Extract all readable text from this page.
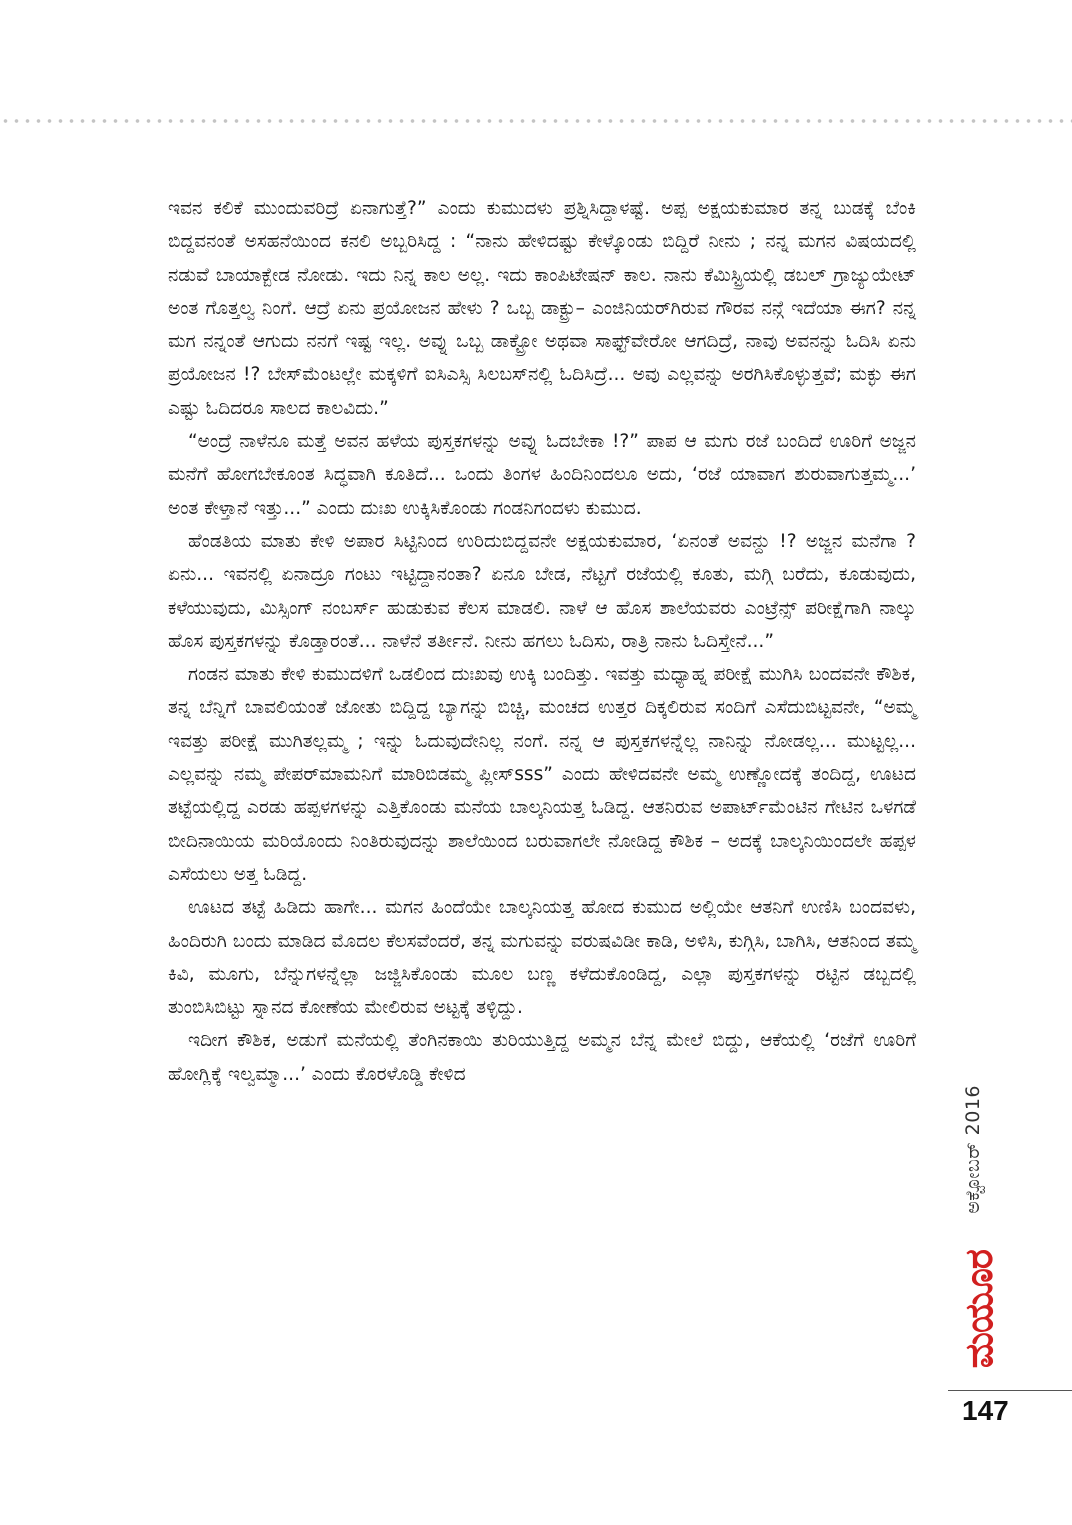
ಇವನ ಕಲಿಕೆ ಮುಂದುವರಿದ್ರೆ ಏನಾಗುತ್ತೆ?” ಎಂದು ಕುಮುದಳು ಪ್ರಶ್ನಿಸಿದ್ದಾಳಷ್ಟೆ. ಅಪ್ಪ ಅಕ್ಷಯಕುಮಾರ ತನ್ನ ಬುಡಕ್ಕೆ ಬೆಂಕಿ ಬಿದ್ದವನಂತೆ ಅಸಹನೆಯಿಂದ ಕನಲಿ ಅಬ್ಬರಿಸಿದ್ದ : “ನಾನು ಹೇಳಿದಷ್ಟು ಕೇಳ್ಕೊಂಡು ಬಿದ್ದಿರೆ ನೀನು ; ನನ್ನ ಮಗನ ವಿಷಯದಲ್ಲಿ ನಡುವೆ ಬಾಯಾಕ್ಬೇಡ ನೋಡು. ಇದು ನಿನ್ನ ಕಾಲ ಅಲ್ಲ. ಇದು ಕಾಂಪಿಟೇಷನ್ ಕಾಲ. ನಾನು ಕೆಮಿಸ್ಟ್ರಿಯಲ್ಲಿ ಡಬಲ್ ಗ್ರಾಜ್ಯುಯೇಟ್ ಅಂತ ಗೊತ್ತಲ್ವ ನಿಂಗೆ. ಆದ್ರೆ ಏನು ಪ್ರಯೋಜನ ಹೇಳು ? ಒಬ್ಬ ಡಾಕ್ಟ್ರು– ಎಂಜಿನಿಯರ್‌ಗಿರುವ ಗೌರವ ನನ್ಗೆ ಇದೆಯಾ ಈಗ? ನನ್ನ ಮಗ ನನ್ನಂತೆ ಆಗುದು ನನಗೆ ಇಷ್ಟ ಇಲ್ಲ. ಅವ್ನು ಒಬ್ಬ ಡಾಕ್ಟ್ರೋ ಅಥವಾ ಸಾಫ್ಟ್‌ವೇರೋ ಆಗದಿದ್ರೆ, ನಾವು ಅವನನ್ನು ಓದಿಸಿ ಏನು ಪ್ರಯೋಜನ !? ಬೇಸ್‌ಮೆಂಟಲ್ಲೇ ಮಕ್ಕಳಿಗೆ ಐಸಿಎಸ್ಸಿ ಸಿಲಬಸ್‌ನಲ್ಲಿ ಓದಿಸಿದ್ರೆ... ಅವು ಎಲ್ಲವನ್ನು ಅರಗಿಸಿಕೊಳ್ಳುತ್ತವೆ; ಮಕ್ಳು ಈಗ ಎಷ್ಟು ಓದಿದರೂ ಸಾಲದ ಕಾಲವಿದು.”

“ಅಂದ್ರೆ ನಾಳೆನೂ ಮತ್ತೆ ಅವನ ಹಳೆಯ ಪುಸ್ತಕಗಳನ್ನು ಅವ್ನು ಓದಬೇಕಾ !?” ಪಾಪ ಆ ಮಗು ರಜೆ ಬಂದಿದೆ ಊರಿಗೆ ಅಜ್ಜನ ಮನೆಗೆ ಹೋಗಬೇಕೂಂತ ಸಿದ್ಧವಾಗಿ ಕೂತಿದೆ... ಒಂದು ತಿಂಗಳ ಹಿಂದಿನಿಂದಲೂ ಅದು, ‘ರಜೆ ಯಾವಾಗ ಶುರುವಾಗುತ್ತಮ್ಮ...’ ಅಂತ ಕೇಳ್ತಾನೆ ಇತ್ತು...” ಎಂದು ದುಃಖ ಉಕ್ಕಿಸಿಕೊಂಡು ಗಂಡನಿಗಂದಳು ಕುಮುದ.

ಹೆಂಡತಿಯ ಮಾತು ಕೇಳಿ ಅಪಾರ ಸಿಟ್ಟಿನಿಂದ ಉರಿದುಬಿದ್ದವನೇ ಅಕ್ಷಯಕುಮಾರ, ‘ಏನಂತೆ ಅವನ್ದು !? ಅಜ್ಜನ ಮನೆಗಾ ? ಏನು... ಇವನಲ್ಲಿ ಏನಾದ್ರೂ ಗಂಟು ಇಟ್ಟಿದ್ದಾನಂತಾ? ಏನೂ ಬೇಡ, ನೆಟ್ಟಗೆ ರಜೆಯಲ್ಲಿ ಕೂತು, ಮಗ್ಗಿ ಬರೆದು, ಕೂಡುವುದು, ಕಳೆಯುವುದು, ಮಿಸ್ಸಿಂಗ್ ನಂಬರ್ಸ್ ಹುಡುಕುವ ಕೆಲಸ ಮಾಡಲಿ. ನಾಳೆ ಆ ಹೊಸ ಶಾಲೆಯವರು ಎಂಟ್ರೆನ್ಸ್ ಪರೀಕ್ಷೆಗಾಗಿ ನಾಲ್ಕು ಹೊಸ ಪುಸ್ತಕಗಳನ್ನು ಕೊಡ್ತಾರಂತೆ... ನಾಳೆನೆ ತರ್ತೀನೆ. ನೀನು ಹಗಲು ಓದಿಸು, ರಾತ್ರಿ ನಾನು ಓದಿಸ್ತೇನೆ...”

ಗಂಡನ ಮಾತು ಕೇಳಿ ಕುಮುದಳಿಗೆ ಒಡಲಿಂದ ದುಃಖವು ಉಕ್ಕಿ ಬಂದಿತ್ತು. ಇವತ್ತು ಮಧ್ಯಾಹ್ನ ಪರೀಕ್ಷೆ ಮುಗಿಸಿ ಬಂದವನೇ ಕೌಶಿಕ, ತನ್ನ ಬೆನ್ನಿಗೆ ಬಾವಲಿಯಂತೆ ಜೋತು ಬಿದ್ದಿದ್ದ ಬ್ಯಾಗನ್ನು ಬಿಚ್ಚಿ, ಮಂಚದ ಉತ್ತರ ದಿಕ್ಕಲಿರುವ ಸಂದಿಗೆ ಎಸೆದುಬಿಟ್ಟವನೇ, “ಅಮ್ಮ ಇವತ್ತು ಪರೀಕ್ಷೆ ಮುಗಿತಲ್ಲಮ್ಮ ; ಇನ್ನು ಓದುವುದೇನಿಲ್ಲ ನಂಗೆ. ನನ್ನ ಆ ಪುಸ್ತಕಗಳನ್ನೆಲ್ಲ ನಾನಿನ್ನು ನೋಡಲ್ಲ... ಮುಟ್ಟಲ್ಲ... ಎಲ್ಲವನ್ನು ನಮ್ಮ ಪೇಪರ್‌ಮಾಮನಿಗೆ ಮಾರಿಬಿಡಮ್ಮ ಪ್ಲೀಸ್sss” ಎಂದು ಹೇಳಿದವನೇ ಅಮ್ಮ ಉಣ್ಣೋದಕ್ಕೆ ತಂದಿದ್ದ, ಊಟದ ತಟ್ಟೆಯಲ್ಲಿದ್ದ ಎರಡು ಹಪ್ಪಳಗಳನ್ನು ಎತ್ತಿಕೊಂಡು ಮನೆಯ ಬಾಲ್ಕನಿಯತ್ತ ಓಡಿದ್ದ. ಆತನಿರುವ ಅಪಾರ್ಟ್‌ಮೆಂಟಿನ ಗೇಟಿನ ಒಳಗಡೆ ಬೀದಿನಾಯಿಯ ಮರಿಯೊಂದು ನಿಂತಿರುವುದನ್ನು ಶಾಲೆಯಿಂದ ಬರುವಾಗಲೇ ನೋಡಿದ್ದ ಕೌಶಿಕ – ಅದಕ್ಕೆ ಬಾಲ್ಕನಿಯಿಂದಲೇ ಹಪ್ಪಳ ಎಸೆಯಲು ಅತ್ತ ಓಡಿದ್ದ.

ಊಟದ ತಟ್ಟೆ ಹಿಡಿದು ಹಾಗೇ... ಮಗನ ಹಿಂದೆಯೇ ಬಾಲ್ಕನಿಯತ್ತ ಹೋದ ಕುಮುದ ಅಲ್ಲಿಯೇ ಆತನಿಗೆ ಉಣಿಸಿ ಬಂದವಳು, ಹಿಂದಿರುಗಿ ಬಂದು ಮಾಡಿದ ಮೊದಲ ಕೆಲಸವೆಂದರೆ, ತನ್ನ ಮಗುವನ್ನು ವರುಷವಿಡೀ ಕಾಡಿ, ಅಳಿಸಿ, ಕುಗ್ಗಿಸಿ, ಬಾಗಿಸಿ, ಆತನಿಂದ ತಮ್ಮ ಕಿವಿ, ಮೂಗು, ಬೆನ್ನುಗಳನ್ನೆಲ್ಲಾ ಜಜ್ಜಿಸಿಕೊಂಡು ಮೂಲ ಬಣ್ಣ ಕಳೆದುಕೊಂಡಿದ್ದ, ಎಲ್ಲಾ ಪುಸ್ತಕಗಳನ್ನು ರಟ್ಟಿನ ಡಬ್ಬದಲ್ಲಿ ತುಂಬಿಸಿಬಿಟ್ಟು ಸ್ನಾನದ ಕೋಣೆಯ ಮೇಲಿರುವ ಅಟ್ಟಕ್ಕೆ ತಳ್ಳಿದ್ದು.

ಇದೀಗ ಕೌಶಿಕ, ಅಡುಗೆ ಮನೆಯಲ್ಲಿ ತೆಂಗಿನಕಾಯಿ ತುರಿಯುತ್ತಿದ್ದ ಅಮ್ಮನ ಬೆನ್ನ ಮೇಲೆ ಬಿದ್ದು, ಆಕೆಯಲ್ಲಿ ‘ರಜೆಗೆ ಊರಿಗೆ ಹೋಗ್ಲಿಕ್ಕೆ ಇಲ್ವಮ್ಮಾ...’ ಎಂದು ಕೊರಳೊಡ್ಡಿ ಕೇಳಿದ

ಅಕ್ಟೋಬರ್ 2016
ಮಯೂರ
147
